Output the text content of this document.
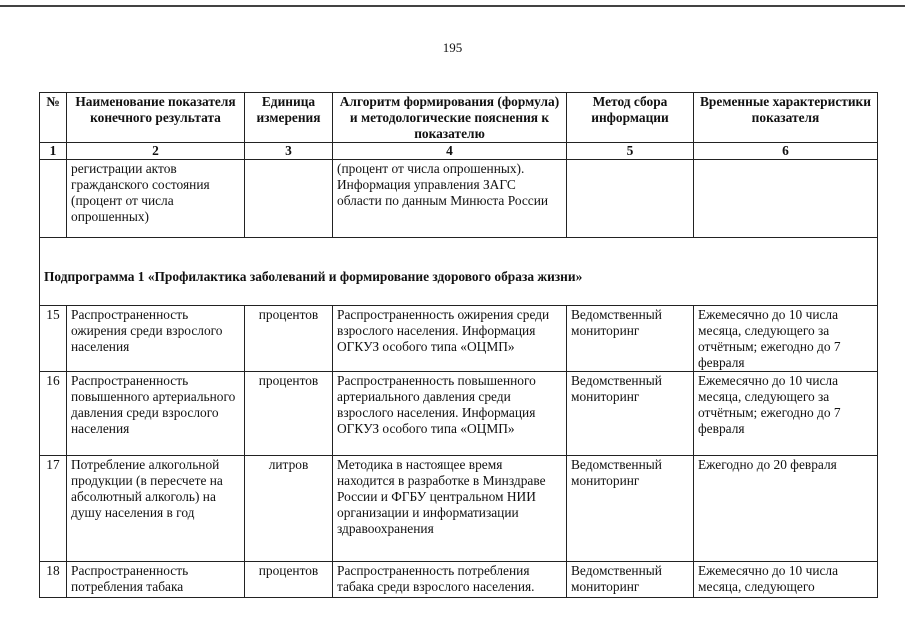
195
№	Наименование показателя конечного результата	Единица измерения	Алгоритм формирования (формула) и методологические пояснения к показателю	Метод сбора информации	Временные характеристики показателя
1	2	3	4	5	6
	регистрации актов гражданского состояния (процент от числа опрошенных)		(процент от числа опрошенных). Информация управления ЗАГС области по данным Минюста России		
Подпрограмма 1 «Профилактика заболеваний и формирование здорового образа жизни»					
15	Распространенность ожирения среди взрослого населения	процентов	Распространенность ожирения среди взрослого населения. Информация ОГКУЗ особого типа «ОЦМП»	Ведомственный мониторинг	Ежемесячно до 10 числа месяца, следующего за отчётным; ежегодно до 7 февраля
16	Распространенность повышенного артериального давления среди взрослого населения	процентов	Распространенность повышенного артериального давления среди взрослого населения. Информация ОГКУЗ особого типа «ОЦМП»	Ведомственный мониторинг	Ежемесячно до 10 числа месяца, следующего за отчётным; ежегодно до 7 февраля
17	Потребление алкогольной продукции (в пересчете на абсолютный алкоголь) на душу населения в год	литров	Методика в настоящее время находится в разработке в Минздраве России и ФГБУ центральном НИИ организации и информатизации здравоохранения	Ведомственный мониторинг	Ежегодно до 20 февраля
18	Распространенность потребления табака	процентов	Распространенность потребления табака среди взрослого населения.	Ведомственный мониторинг	Ежемесячно до 10 числа месяца, следующего
